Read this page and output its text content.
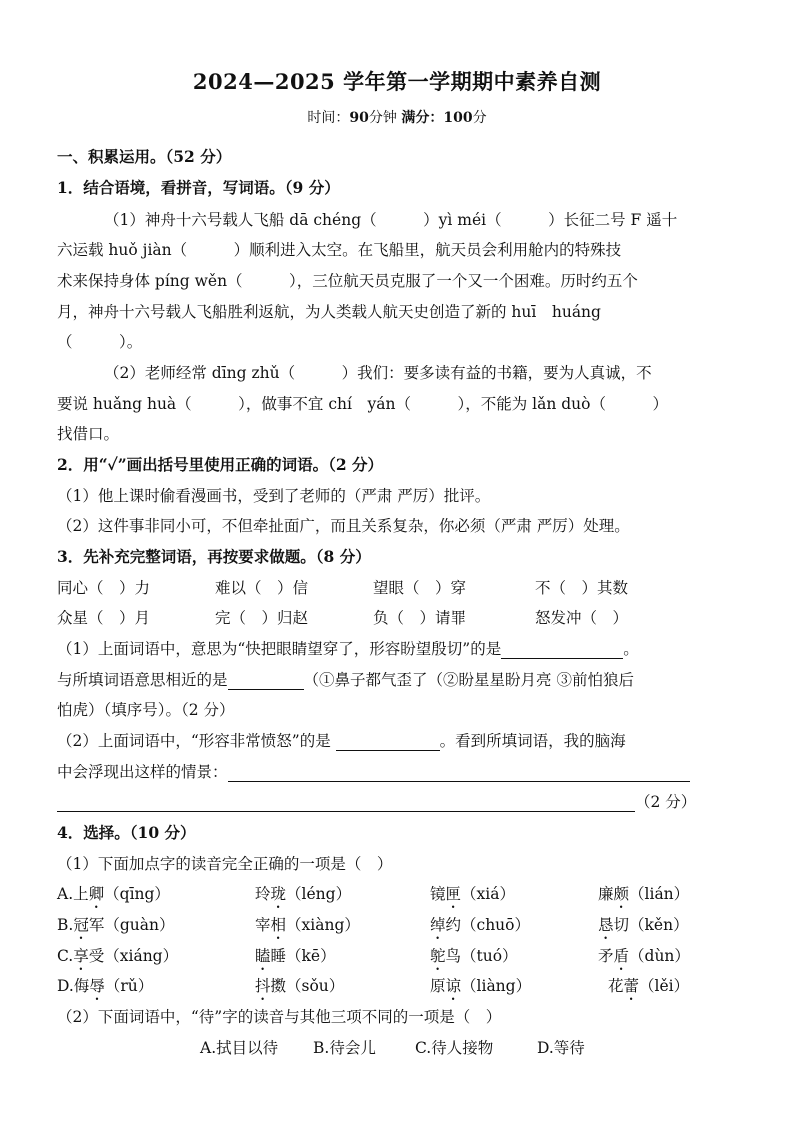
2024—2025 学年第一学期期中素养自测
时间：90分钟 满分：100分
一、积累运用。（52 分）
1．结合语境，看拼音，写词语。（9 分）
（1）神舟十六号载人飞船 dā chéng（　　　）yì méi（　　　）长征二号 F 遥十
六运载 huǒ jiàn（　　　）顺利进入太空。在飞船里，航天员会利用舱内的特殊技
术来保持身体 píng wěn（　　　），三位航天员克服了一个又一个困难。历时约五个
月，神舟十六号载人飞船胜利返航，为人类载人航天史创造了新的 huī　huáng
（　　　）。
（2）老师经常 dīng zhǔ（　　　）我们：要多读有益的书籍，要为人真诚，不
要说 huǎng huà（　　　），做事不宜 chí　yán（　　　），不能为 lǎn duò（　　　）
找借口。
2．用“✓”画出括号里使用正确的词语。（2 分）
（1）他上课时偷看漫画书，受到了老师的（严肃 严厉）批评。
（2）这件事非同小可，不但牵扯面广，而且关系复杂，你必须（严肃 严厉）处理。
3．先补充完整词语，再按要求做题。（8 分）
同心（　）力	难以（　）信	望眼（　）穿	不（　）其数
众星（　）月	完（　）归赵	负（　）请罪	怒发冲（　）
（1）上面词语中，意思为“快把眼睛望穿了，形容盼望殷切”的是	。
与所填词语意思相近的是	（①鼻子都气歪了（②盼星星盼月亮 ③前怕狼后
怕虎）（填序号）。（2 分）
（2）上面词语中，“形容非常愤怒”的是	。看到所填词语，我的脑海
中会浮现出这样的情景：
（2 分）
4．选择。（10 分）
（1）下面加点字的读音完全正确的一项是（　）
A.上卿（qīng）	玲珑（léng）	镜匣（xiá）	廉颇（lián）
B.冠军（guàn）	宰相（xiàng）	绰约（chuō）	恳切（kěn）
C.享受（xiáng）	瞌睡（kē）	鸵鸟（tuó）	矛盾（dùn）
D.侮辱（rǔ）	抖擞（sǒu）	原谅（liàng）	花蕾（lěi）
（2）下面词语中，“待”字的读音与其他三项不同的一项是（　）
A.拭目以待 B.待会儿	C.待人接物	D.等待
